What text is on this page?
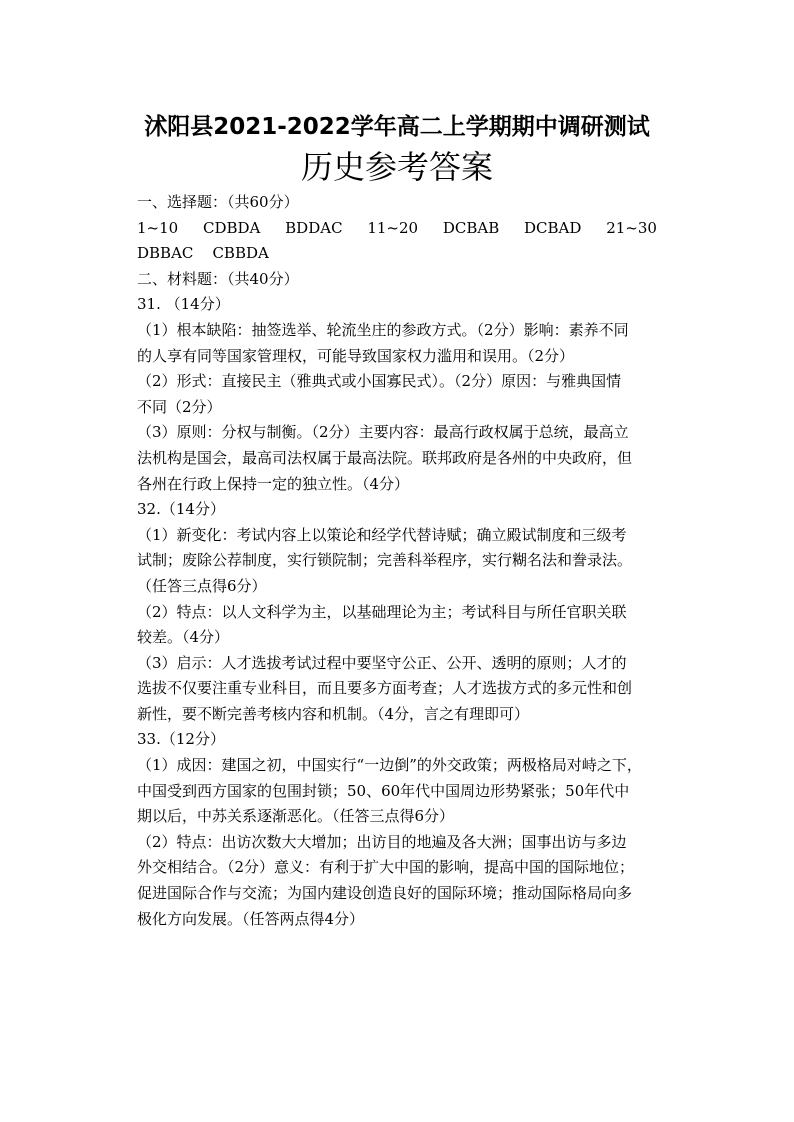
沭阳县2021-2022学年高二上学期期中调研测试
历史参考答案
一、选择题：（共60分）
1~10 CDBDA BDDAC 11~20 DCBAB DCBAD 21~30
DBBAC    CBBDA
二、材料题：（共40分）
31. （14分）
（1）根本缺陷：抽签选举、轮流坐庄的参政方式。（2分）影响：素养不同
的人享有同等国家管理权，可能导致国家权力滥用和误用。（2分）
（2）形式：直接民主（雅典式或小国寡民式）。（2分）原因：与雅典国情
不同（2分）
（3）原则：分权与制衡。（2分）主要内容：最高行政权属于总统，最高立
法机构是国会，最高司法权属于最高法院。联邦政府是各州的中央政府，但
各州在行政上保持一定的独立性。（4分）
32.（14分）
（1）新变化：考试内容上以策论和经学代替诗赋；确立殿试制度和三级考
试制；废除公荐制度，实行锁院制；完善科举程序，实行糊名法和誊录法。
（任答三点得6分）
（2）特点：以人文科学为主，以基础理论为主；考试科目与所任官职关联
较差。（4分）
（3）启示：人才选拔考试过程中要坚守公正、公开、透明的原则；人才的
选拔不仅要注重专业科目，而且要多方面考查；人才选拔方式的多元性和创
新性，要不断完善考核内容和机制。（4分，言之有理即可）
33.（12分）
（1）成因：建国之初，中国实行“一边倒”的外交政策；两极格局对峙之下，
中国受到西方国家的包围封锁；50、60年代中国周边形势紧张；50年代中
期以后，中苏关系逐渐恶化。（任答三点得6分）
（2）特点：出访次数大大增加；出访目的地遍及各大洲；国事出访与多边
外交相结合。（2分）意义：有利于扩大中国的影响，提高中国的国际地位；
促进国际合作与交流；为国内建设创造良好的国际环境；推动国际格局向多
极化方向发展。（任答两点得4分）
